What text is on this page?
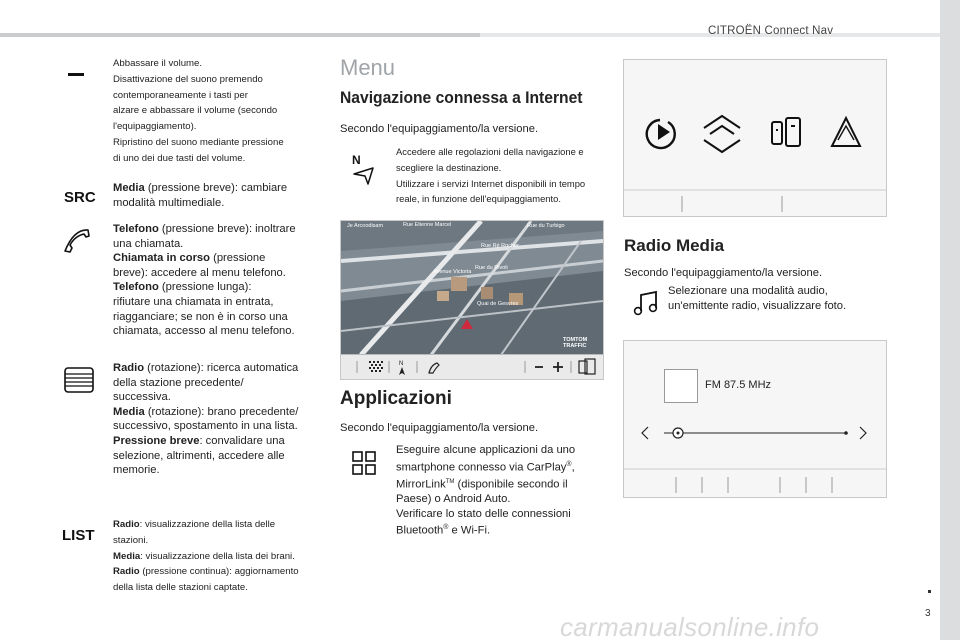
CITROËN Connect Nav
3
carmanualsonline.info
Abbassare il volume.
Disattivazione del suono premendo
contemporaneamente i tasti per
alzare e abbassare il volume (secondo
l'equipaggiamento).
Ripristino del suono mediante pressione
di uno dei due tasti del volume.
SRC
Media (pressione breve): cambiare
modalità multimediale.
Telefono (pressione breve): inoltrare
una chiamata.
Chiamata in corso (pressione
breve): accedere al menu telefono.
Telefono (pressione lunga):
rifiutare una chiamata in entrata,
riagganciare; se non è in corso una
chiamata, accesso al menu telefono.
Radio (rotazione): ricerca automatica
della stazione precedente/
successiva.
Media (rotazione): brano precedente/
successivo, spostamento in una lista.
Pressione breve: convalidare una
selezione, altrimenti, accedere alle
memorie.
LIST
Radio: visualizzazione della lista delle
stazioni.
Media: visualizzazione della lista dei brani.
Radio (pressione continua): aggiornamento
della lista delle stazioni captate.
Menu
Navigazione connessa a Internet
Secondo l'equipaggiamento/la versione.
N
Accedere alle regolazioni della navigazione e
scegliere la destinazione.
Utilizzare i servizi Internet disponibili in tempo
reale, in funzione dell'equipaggiamento.
Je Arcoodisam	Rue Etienne Marcel	Rue du Turbigo
Rue Ré Rocher
Rue du Rivoli
Avenue Victoria
Quai de Gesvres
TOMTOM TRAFFIC
N
Applicazioni
Secondo l'equipaggiamento/la versione.
Eseguire alcune applicazioni da uno
smartphone connesso via CarPlay®,
MirrorLink™ (disponibile secondo il
Paese) o Android Auto.
Verificare lo stato delle connessioni
Bluetooth® e Wi-Fi.
Radio Media
Secondo l'equipaggiamento/la versione.
Selezionare una modalità audio,
un'emittente radio, visualizzare foto.
FM 87.5 MHz
